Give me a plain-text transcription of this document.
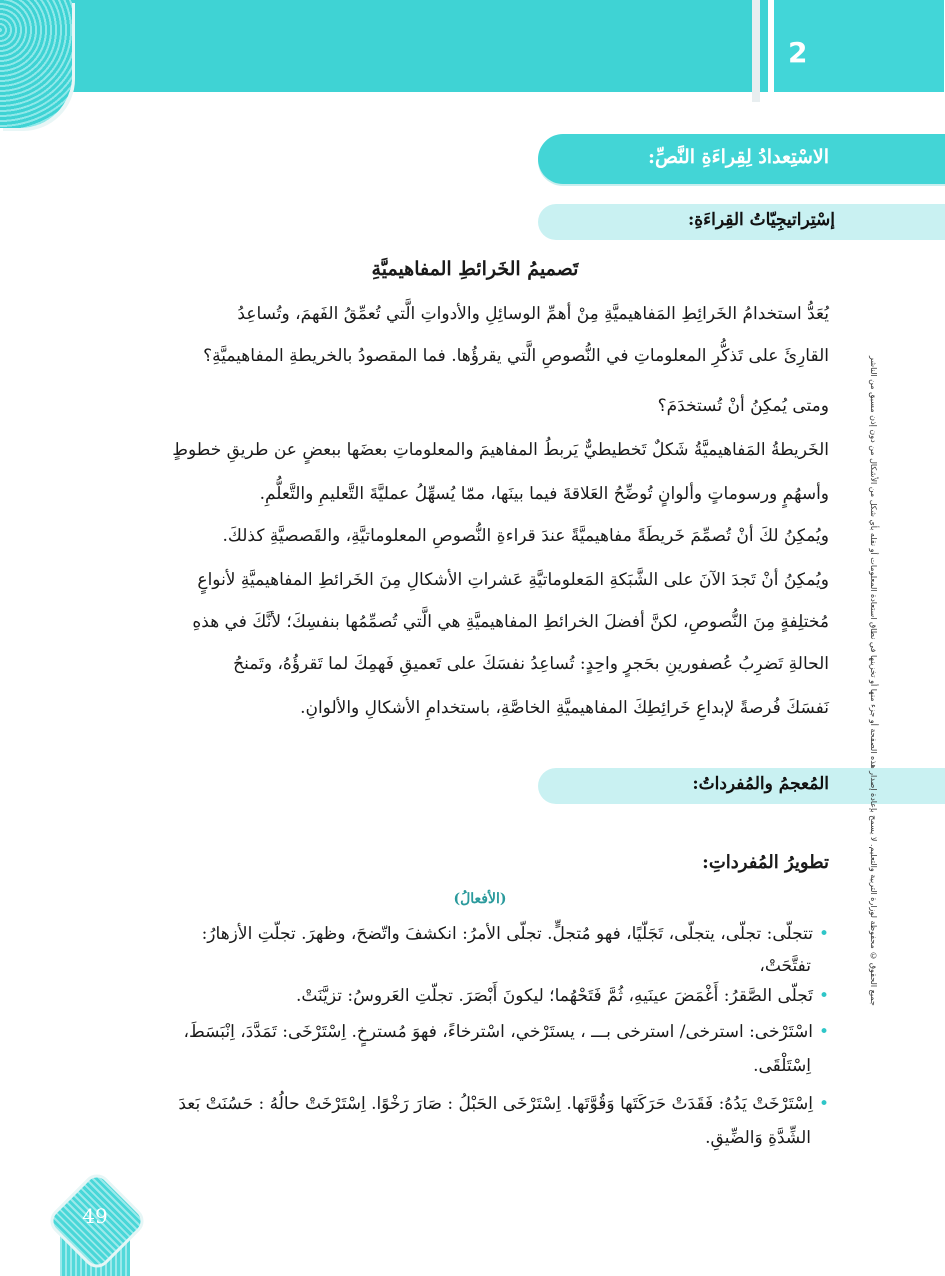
2
الاسْتِعدادُ لِقِراءَةِ النَّصِّ:
إسْتِراتيجِيّاتُ القِراءَةِ:
تَصميمُ الخَرائطِ المفاهيميَّةِ
يُعَدُّ استخدامُ الخَرائِطِ المَفاهيميَّةِ مِنْ أهمِّ الوسائِلِ والأدواتِ الَّتي تُعمِّقُ الفَهمَ، وتُساعِدُ
القارِئَ على تَذكُّرِ المعلوماتِ في النُّصوصِ الَّتي يقرؤُها. فما المقصودُ بالخريطةِ المفاهيميَّةِ؟
ومتى يُمكِنُ أنْ تُستخدَمَ؟
الخَريطةُ المَفاهيميَّةُ شَكلٌ تَخطيطيٌّ يَربطُ المفاهيمَ والمعلوماتِ بعضَها ببعضٍ عن طريقِ خطوطٍ
وأسهُمٍ ورسوماتٍ وألوانٍ تُوضِّحُ العَلاقةَ فيما بينَها، ممّا يُسهِّلُ عمليَّةَ التَّعليمِ والتَّعلُّمِ.
ويُمكِنُ لكَ أنْ تُصمِّمَ خَريطَةً مفاهيميَّةً عندَ قراءةِ النُّصوصِ المعلوماتيَّةِ، والقَصصيَّةِ كذلكَ.
ويُمكِنُ أنْ تَجدَ الآنَ على الشَّبَكةِ المَعلوماتيَّةِ عَشراتِ الأشكالِ مِنَ الخَرائطِ المفاهيميَّةِ لأنواعٍ
مُختلِفةٍ مِنَ النُّصوصِ، لكنَّ أفضلَ الخرائطِ المفاهيميَّةِ هي الَّتي تُصمِّمُها بنفسِكَ؛ لأنَّكَ في هذهِ
الحالةِ تَضرِبُ عُصفورينِ بحَجرٍ واحِدٍ: تُساعِدُ نفسَكَ على تَعميقِ فَهمِكَ لما تَقرؤُهُ، وتَمنحُ
نَفسَكَ فُرصةً لإبداعِ خَرائِطِكَ المفاهيميَّةِ الخاصَّةِ، باستخدامِ الأشكالِ والألوانِ.
المُعجمُ والمُفرداتُ:
تطويرُ المُفرداتِ:
(الأفعالُ)
•تتجلّى: تجلّى، يتجلّى، تَجَلّيًا، فهو مُتجلٍّ. تجلّى الأمرُ: انكشفَ واتّضحَ، وظهرَ. تجلّتِ الأزهارُ:
تفتَّحَتْ،
•تَجلّى الصَّقرُ: أَغْمَضَ عينَيهِ، ثُمَّ فَتَحْهُما؛ ليكونَ أَبْصَرَ. تجلّتِ العَروسُ: تزيَّنَتْ.
•اسْتَرْخى: استرخى/ استرخى بـــ ، يستَرْخي، اسْترخاءً، فهوَ مُسترخٍ. اِسْتَرْخَى: تَمَدَّدَ، اِنْبَسَطَ،
اِسْتَلْقَى.
•اِسْتَرْخَتْ يَدُهُ: فَقَدَتْ حَرَكَتَها وَقُوَّتَها. اِسْتَرْخَى الحَبْلُ : صَارَ رَخْوًا. اِسْتَرْخَتْ حالُهُ : حَسُنَتْ بَعدَ
الشِّدَّةِ وَالضِّيقِ.
جميع الحقوق © محفوظة لوزارة التربية والتعليم. لا يسمح بإعادة إصدار هذه الصفحة أو جزء منها أو تخزينها في نطاق استعادة المعلومات أو نقله بأي شكل من الأشكال من دون إذن مسبق من الناشر
49
